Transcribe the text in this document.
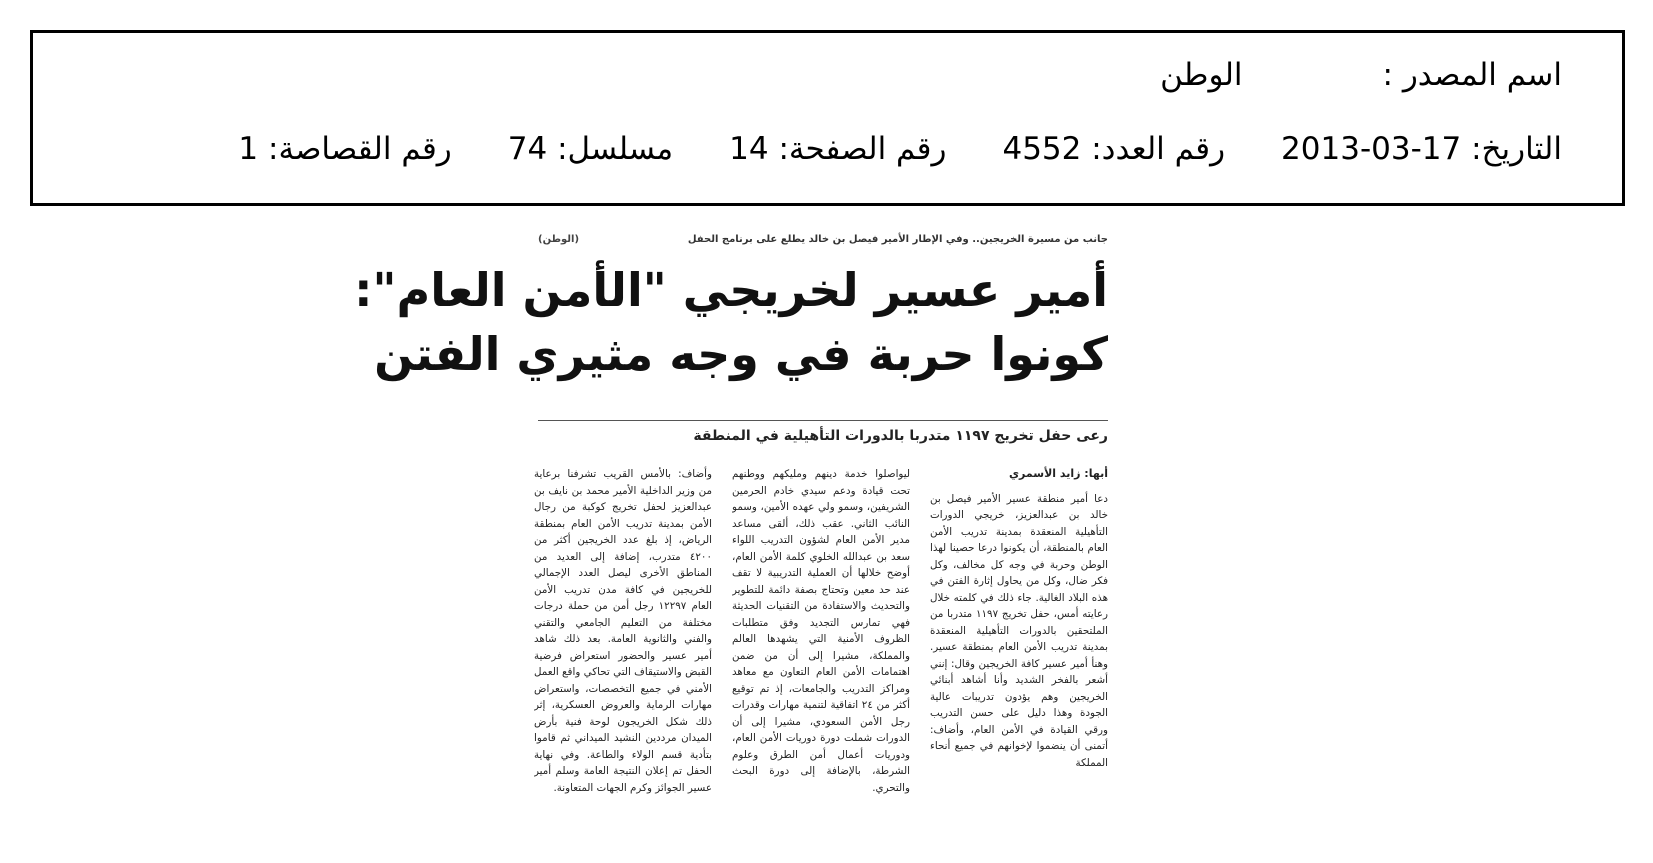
اسم المصدر :الوطن
التاريخ: 2013-03-17رقم العدد: 4552رقم الصفحة: 14مسلسل: 74رقم القصاصة: 1
جانب من مسيرة الخريجين.. وفي الإطار الأمير فيصل بن خالد يطلع على برنامج الحفل
(الوطن)
أمير عسير لخريجي "الأمن العام":
كونوا حربة في وجه مثيري الفتن
رعى حفل تخريج ١١٩٧ متدربا بالدورات التأهيلية في المنطقة
أبها: زايد الأسمري

دعا أمير منطقة عسير الأمير فيصل بن خالد بن عبدالعزيز، خريجي الدورات التأهيلية المنعقدة بمدينة تدريب الأمن العام بالمنطقة، أن يكونوا درعا حصينا لهذا الوطن وحربة في وجه كل مخالف، وكل فكر ضال، وكل من يحاول إثارة الفتن في هذه البلاد الغالية. جاء ذلك في كلمته خلال رعايته أمس، حفل تخريج ١١٩٧ متدربا من الملتحقين بالدورات التأهيلية المنعقدة بمدينة تدريب الأمن العام بمنطقة عسير. وهنأ أمير عسير كافة الخريجين وقال: إنني أشعر بالفخر الشديد وأنا أشاهد أبنائي الخريجين وهم يؤدون تدريبات عالية الجودة وهذا دليل على حسن التدريب ورقي القيادة في الأمن العام، وأضاف: أتمنى أن ينضموا لإخوانهم في جميع أنحاء المملكة

ليواصلوا خدمة دينهم ومليكهم ووطنهم تحت قيادة ودعم سيدي خادم الحرمين الشريفين، وسمو ولي عهده الأمين، وسمو النائب الثاني. عقب ذلك، ألقى مساعد مدير الأمن العام لشؤون التدريب اللواء سعد بن عبدالله الخلوي كلمة الأمن العام، أوضح خلالها أن العملية التدريبية لا تقف عند حد معين وتحتاج بصفة دائمة للتطوير والتحديث والاستفادة من التقنيات الحديثة فهي تمارس التجديد وفق متطلبات الظروف الأمنية التي يشهدها العالم والمملكة، مشيرا إلى أن من ضمن اهتمامات الأمن العام التعاون مع معاهد ومراكز التدريب والجامعات، إذ تم توقيع أكثر من ٢٤ اتفاقية لتنمية مهارات وقدرات رجل الأمن السعودي، مشيرا إلى أن الدورات شملت دورة دوريات الأمن العام، ودوريات أعمال أمن الطرق وعلوم الشرطة، بالإضافة إلى دورة البحث والتحري.

وأضاف: بالأمس القريب تشرفنا برعاية من وزير الداخلية الأمير محمد بن نايف بن عبدالعزيز لحفل تخريج كوكبة من رجال الأمن بمدينة تدريب الأمن العام بمنطقة الرياض، إذ بلغ عدد الخريجين أكثر من ٤٢٠٠ متدرب، إضافة إلى العديد من المناطق الأخرى ليصل العدد الإجمالي للخريجين في كافة مدن تدريب الأمن العام ١٢٢٩٧ رجل أمن من حملة درجات مختلفة من التعليم الجامعي والتقني والفني والثانوية العامة. بعد ذلك شاهد أمير عسير والحضور استعراض فرضية القبض والاستيقاف التي تحاكي واقع العمل الأمني في جميع التخصصات، واستعراض مهارات الرماية والعروض العسكرية، إثر ذلك شكل الخريجون لوحة فنية بأرض الميدان مرددين النشيد الميداني ثم قاموا بتأدية قسم الولاء والطاعة. وفي نهاية الحفل تم إعلان النتيجة العامة وسلم أمير عسير الجوائز وكرم الجهات المتعاونة.
